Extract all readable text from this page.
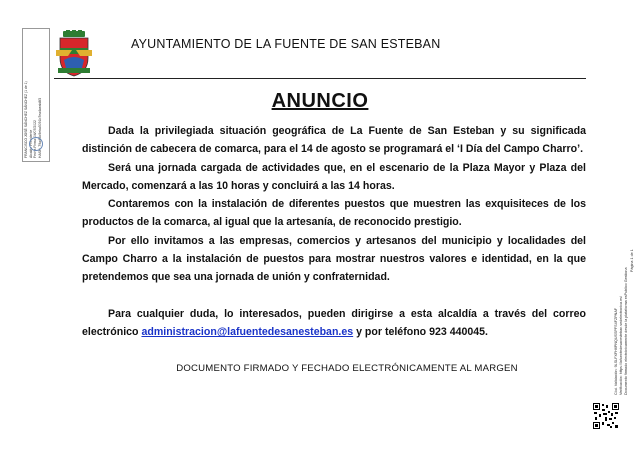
AYUNTAMIENTO DE LA FUENTE DE SAN ESTEBAN
ANUNCIO

Dada la privilegiada situación geográfica de La Fuente de San Esteban y su significada distinción de cabecera de comarca, para el 14 de agosto se programará el ‘I Día del Campo Charro’.

Será una jornada cargada de actividades que, en el escenario de la Plaza Mayor y Plaza del Mercado, comenzará a las 10 horas y concluirá a las 14 horas.

Contaremos con la instalación de diferentes puestos que muestren las exquisiteces de los productos de la comarca, al igual que la artesanía, de reconocido prestigio.

Por ello invitamos a las empresas, comercios y artesanos del municipio y localidades del Campo Charro a la instalación de puestos para mostrar nuestros valores e identidad, en la que pretendemos que sea una jornada de unión y confraternidad.

Para cualquier duda, lo interesados, pueden dirigirse a esta alcaldía a través del correo electrónico administracion@lafuentedesanesteban.es y por teléfono 923 440045.

DOCUMENTO FIRMADO Y FECHADO ELECTRÓNICAMENTE AL MARGEN
FRANCISCO JOSÉ SÁNCHEZ SÁNCHEZ (1 de 1) Alcalde Presidente Fecha Firma: 04/07/2022 HASH: 79a4f6c9eba5091b7ea4aeab8f3
Cód. Validación: 9LSLFXFH6PNQUSSPFS4FZPNAF Verificación: https://lafuentedesanesteban.sedelectronica.es/ Documento firmado electrónicamente desde la plataforma esPublico Gestiona
Página 1 de 1
